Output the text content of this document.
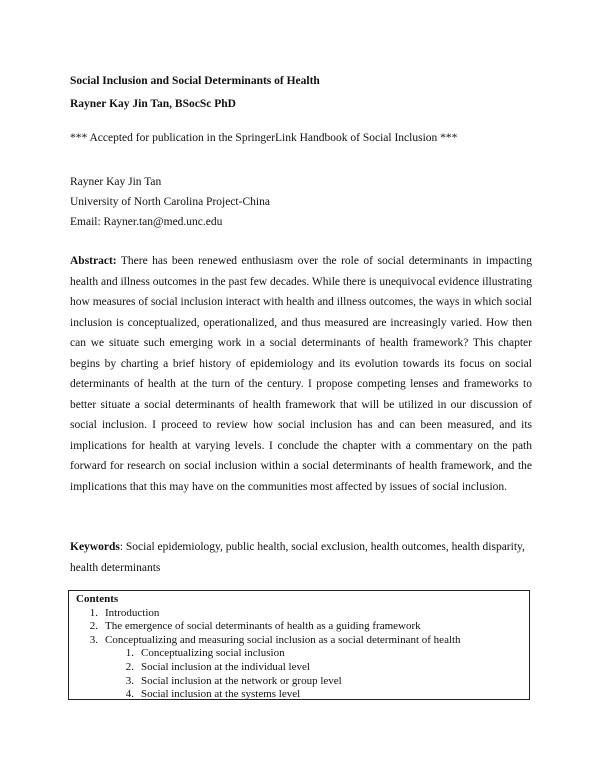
Social Inclusion and Social Determinants of Health
Rayner Kay Jin Tan, BSocSc PhD
*** Accepted for publication in the SpringerLink Handbook of Social Inclusion ***
Rayner Kay Jin Tan
University of North Carolina Project-China
Email: Rayner.tan@med.unc.edu

Abstract: There has been renewed enthusiasm over the role of social determinants in impacting health and illness outcomes in the past few decades. While there is unequivocal evidence illustrating how measures of social inclusion interact with health and illness outcomes, the ways in which social inclusion is conceptualized, operationalized, and thus measured are increasingly varied. How then can we situate such emerging work in a social determinants of health framework? This chapter begins by charting a brief history of epidemiology and its evolution towards its focus on social determinants of health at the turn of the century. I propose competing lenses and frameworks to better situate a social determinants of health framework that will be utilized in our discussion of social inclusion. I proceed to review how social inclusion has and can been measured, and its implications for health at varying levels. I conclude the chapter with a commentary on the path forward for research on social inclusion within a social determinants of health framework, and the implications that this may have on the communities most affected by issues of social inclusion.

Keywords: Social epidemiology, public health, social exclusion, health outcomes, health disparity, health determinants

Contents
1. Introduction
2. The emergence of social determinants of health as a guiding framework
3. Conceptualizing and measuring social inclusion as a social determinant of health
1. Conceptualizing social inclusion
2. Social inclusion at the individual level
3. Social inclusion at the network or group level
4. Social inclusion at the systems level
